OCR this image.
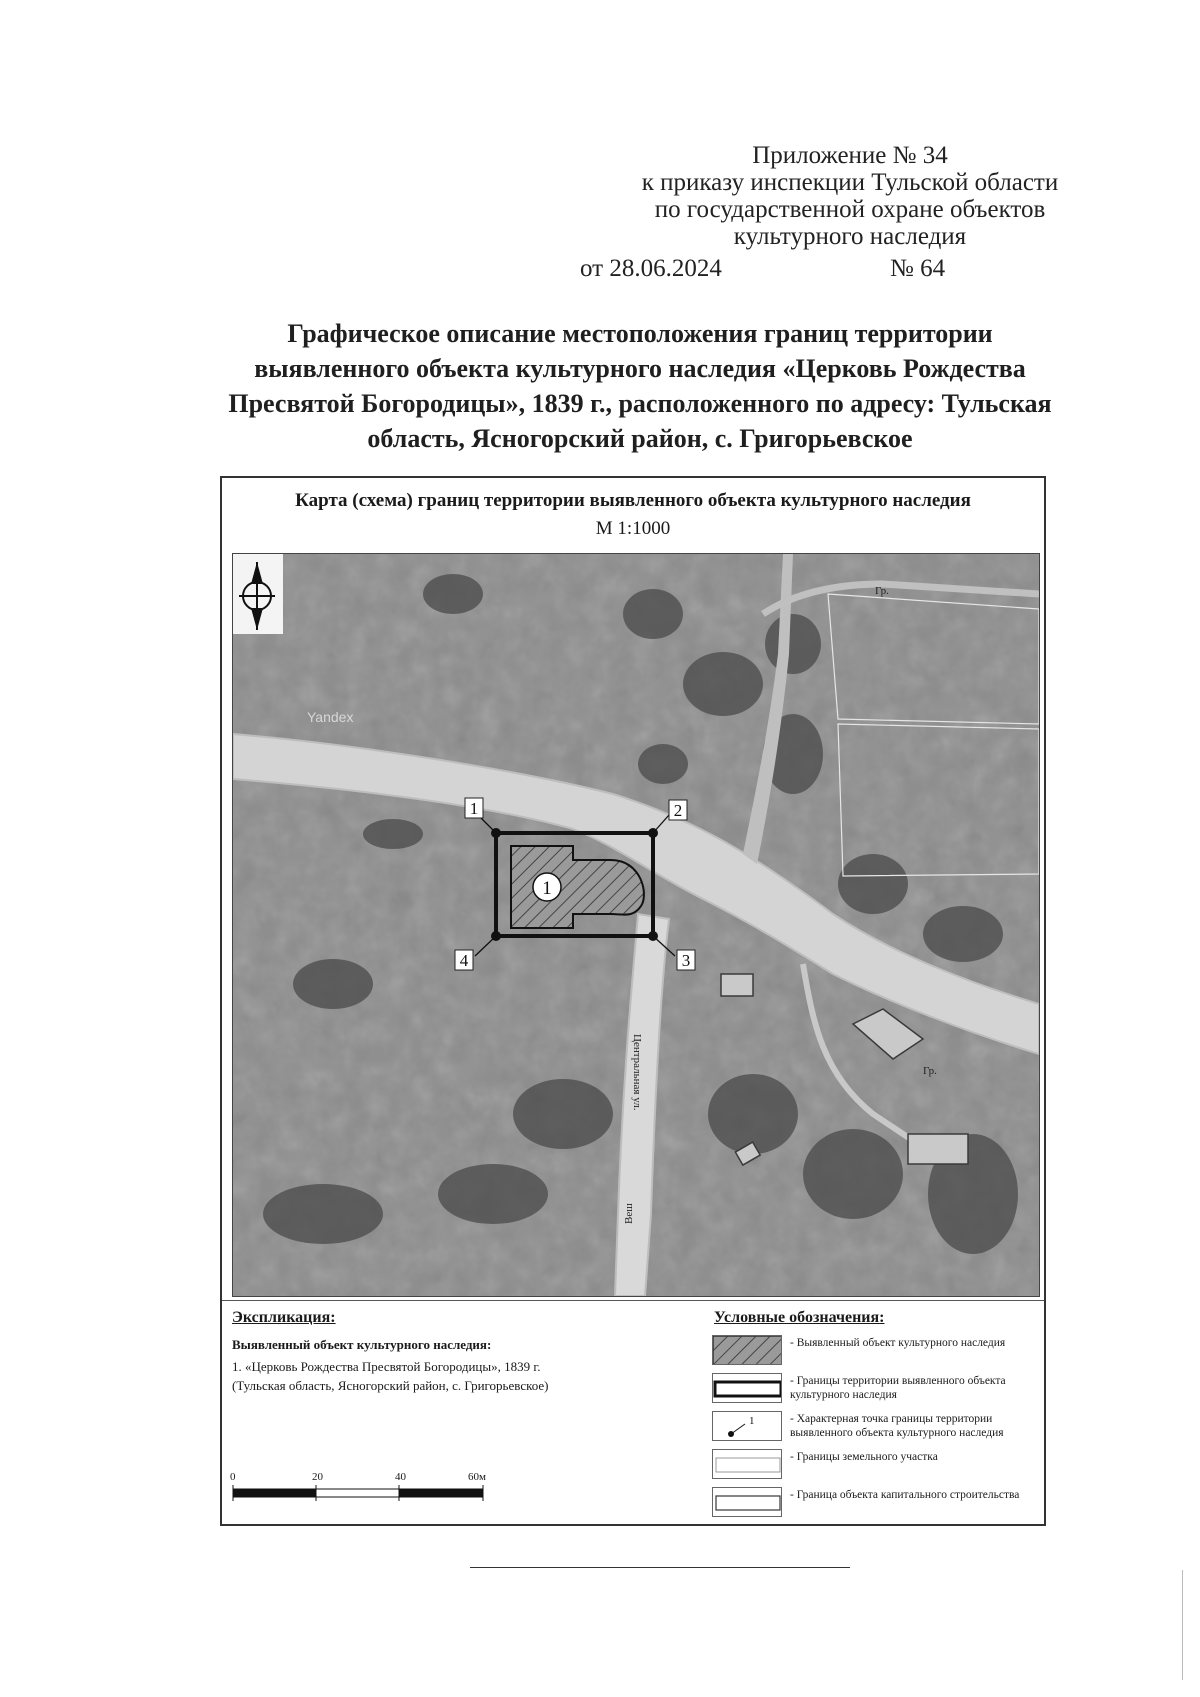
Приложение № 34
к приказу инспекции Тульской области
по государственной охране объектов
культурного наследия
от 28.06.2024	№ 64
Графическое описание местоположения границ территории
выявленного объекта культурного наследия «Церковь Рождества
Пресвятой Богородицы», 1839 г., расположенного по адресу: Тульская
область, Ясногорский район, с. Григорьевское
Карта (схема) границ территории выявленного объекта культурного наследия
М 1:1000
1
1	2
3
4
Центральная ул.
Веш
Гр.
Гр.
Yandex
Экспликация:
Выявленный объект культурного наследия:
1. «Церковь Рождества Пресвятой Богородицы», 1839 г.
(Тульская область, Ясногорский район, с. Григорьевское)
0	20	40	60м
Условные обозначения:
- Выявленный объект культурного наследия
- Границы территории выявленного объекта культурного наследия
1	- Характерная точка границы территории выявленного объекта культурного наследия
- Границы земельного участка
- Граница объекта капитального строительства
